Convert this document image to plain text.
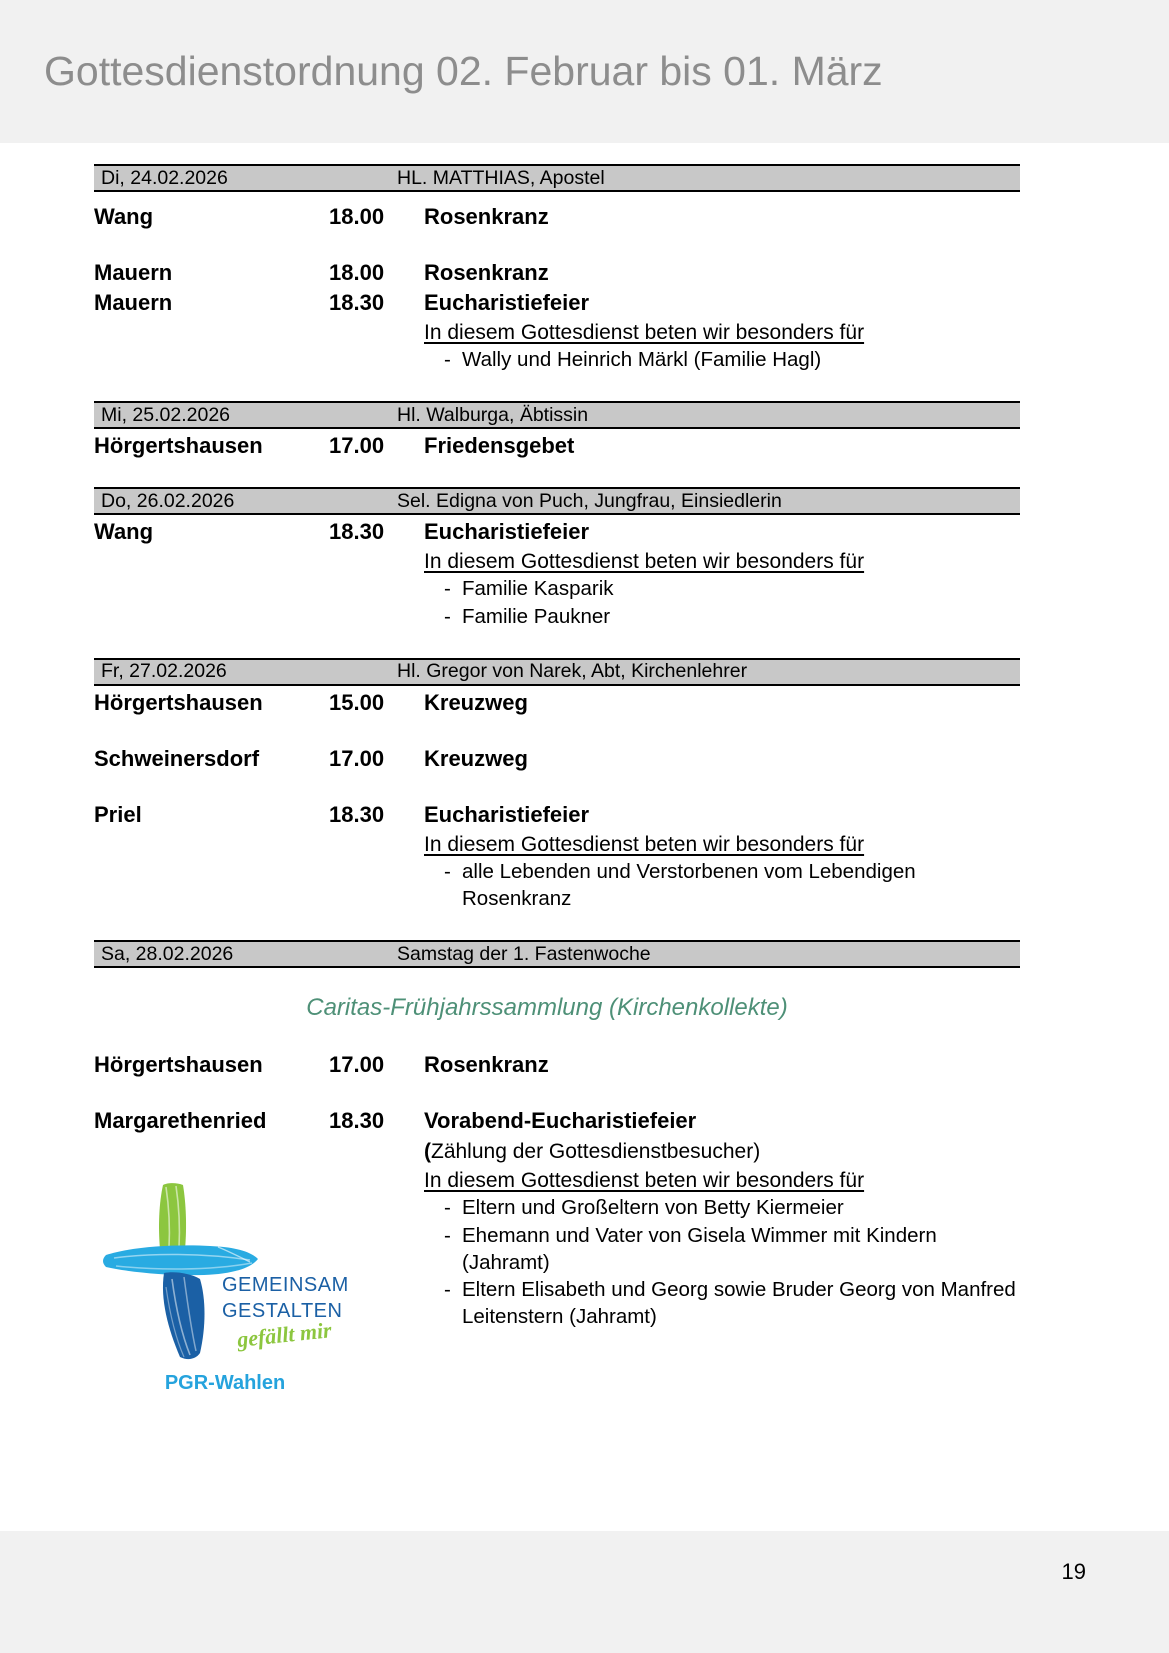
Gottesdienstordnung 02. Februar bis 01. März
Di, 24.02.2026	HL. MATTHIAS, Apostel
Wang	18.00	Rosenkranz
Mauern	18.00	Rosenkranz
Mauern	18.30	Eucharistiefeier
In diesem Gottesdienst beten wir besonders für
- Wally und Heinrich Märkl (Familie Hagl)
Mi, 25.02.2026	Hl. Walburga, Äbtissin
Hörgertshausen	17.00	Friedensgebet
Do, 26.02.2026	Sel. Edigna von Puch, Jungfrau, Einsiedlerin
Wang	18.30	Eucharistiefeier
In diesem Gottesdienst beten wir besonders für
- Familie Kasparik
- Familie Paukner
Fr, 27.02.2026	Hl. Gregor von Narek, Abt, Kirchenlehrer
Hörgertshausen	15.00	Kreuzweg
Schweinersdorf	17.00	Kreuzweg
Priel	18.30	Eucharistiefeier
In diesem Gottesdienst beten wir besonders für
- alle Lebenden und Verstorbenen vom Lebendigen Rosenkranz
Sa, 28.02.2026	Samstag der 1. Fastenwoche
Caritas-Frühjahrssammlung (Kirchenkollekte)
Hörgertshausen	17.00	Rosenkranz
Margarethenried	18.30	Vorabend-Eucharistiefeier
(Zählung der Gottesdienstbesucher)
In diesem Gottesdienst beten wir besonders für
- Eltern und Großeltern von Betty Kiermeier
- Ehemann und Vater von Gisela Wimmer mit Kindern (Jahramt)
- Eltern Elisabeth und Georg sowie Bruder Georg von Manfred Leitenstern (Jahramt)
GEMEINSAM
GESTALTEN
gefällt mir
PGR-Wahlen
19
